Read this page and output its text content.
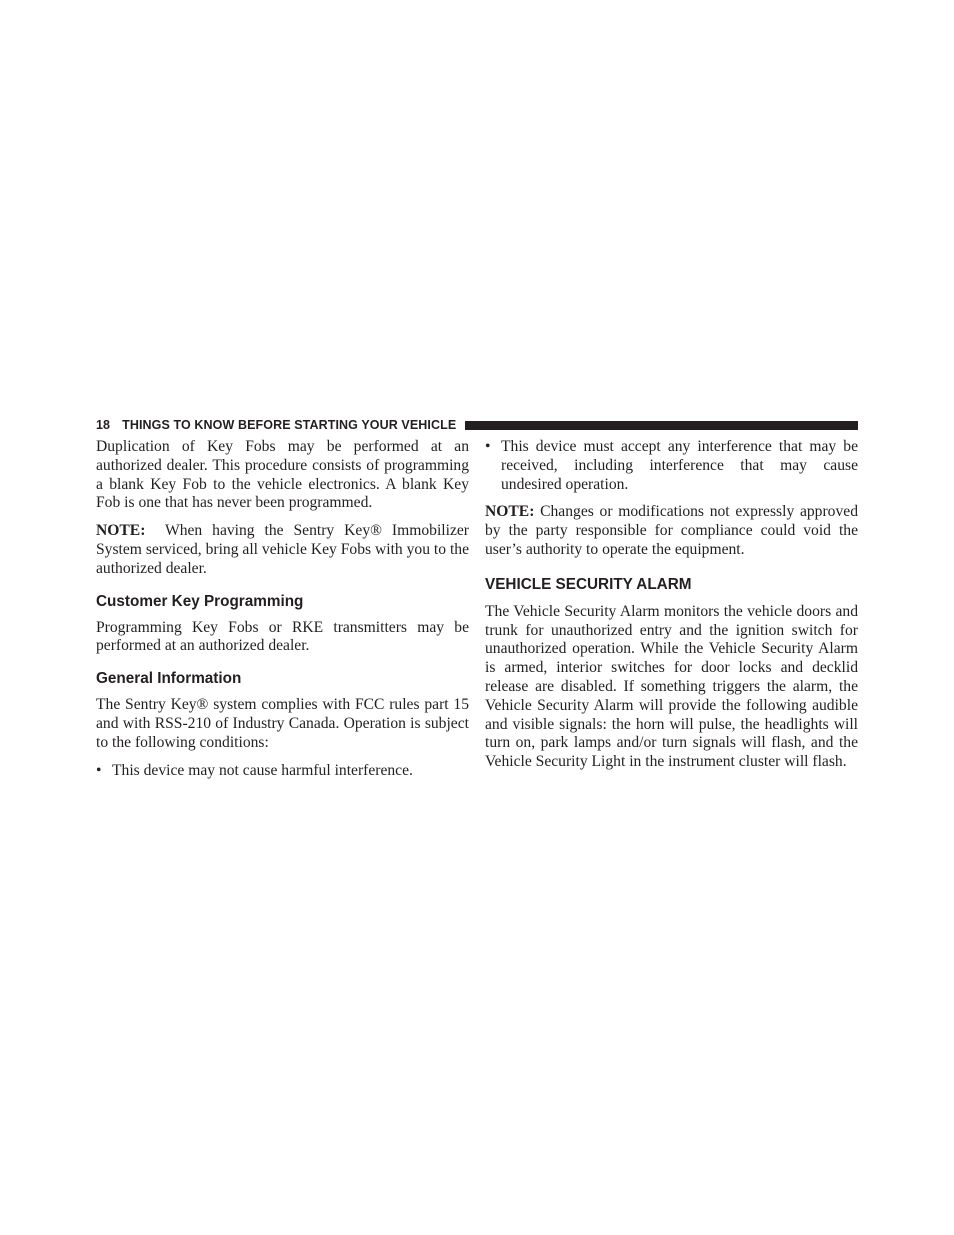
18 THINGS TO KNOW BEFORE STARTING YOUR VEHICLE

Duplication of Key Fobs may be performed at an authorized dealer. This procedure consists of programming a blank Key Fob to the vehicle electronics. A blank Key Fob is one that has never been programmed.

NOTE: When having the Sentry Key® Immobilizer System serviced, bring all vehicle Key Fobs with you to the authorized dealer.

Customer Key Programming

Programming Key Fobs or RKE transmitters may be performed at an authorized dealer.

General Information

The Sentry Key® system complies with FCC rules part 15 and with RSS-210 of Industry Canada. Operation is subject to the following conditions:

• This device may not cause harmful interference.
• This device must accept any interference that may be received, including interference that may cause undesired operation.

NOTE: Changes or modifications not expressly approved by the party responsible for compliance could void the user’s authority to operate the equipment.

VEHICLE SECURITY ALARM

The Vehicle Security Alarm monitors the vehicle doors and trunk for unauthorized entry and the ignition switch for unauthorized operation. While the Vehicle Security Alarm is armed, interior switches for door locks and decklid release are disabled. If something triggers the alarm, the Vehicle Security Alarm will provide the following audible and visible signals: the horn will pulse, the headlights will turn on, park lamps and/or turn signals will flash, and the Vehicle Security Light in the instrument cluster will flash.
